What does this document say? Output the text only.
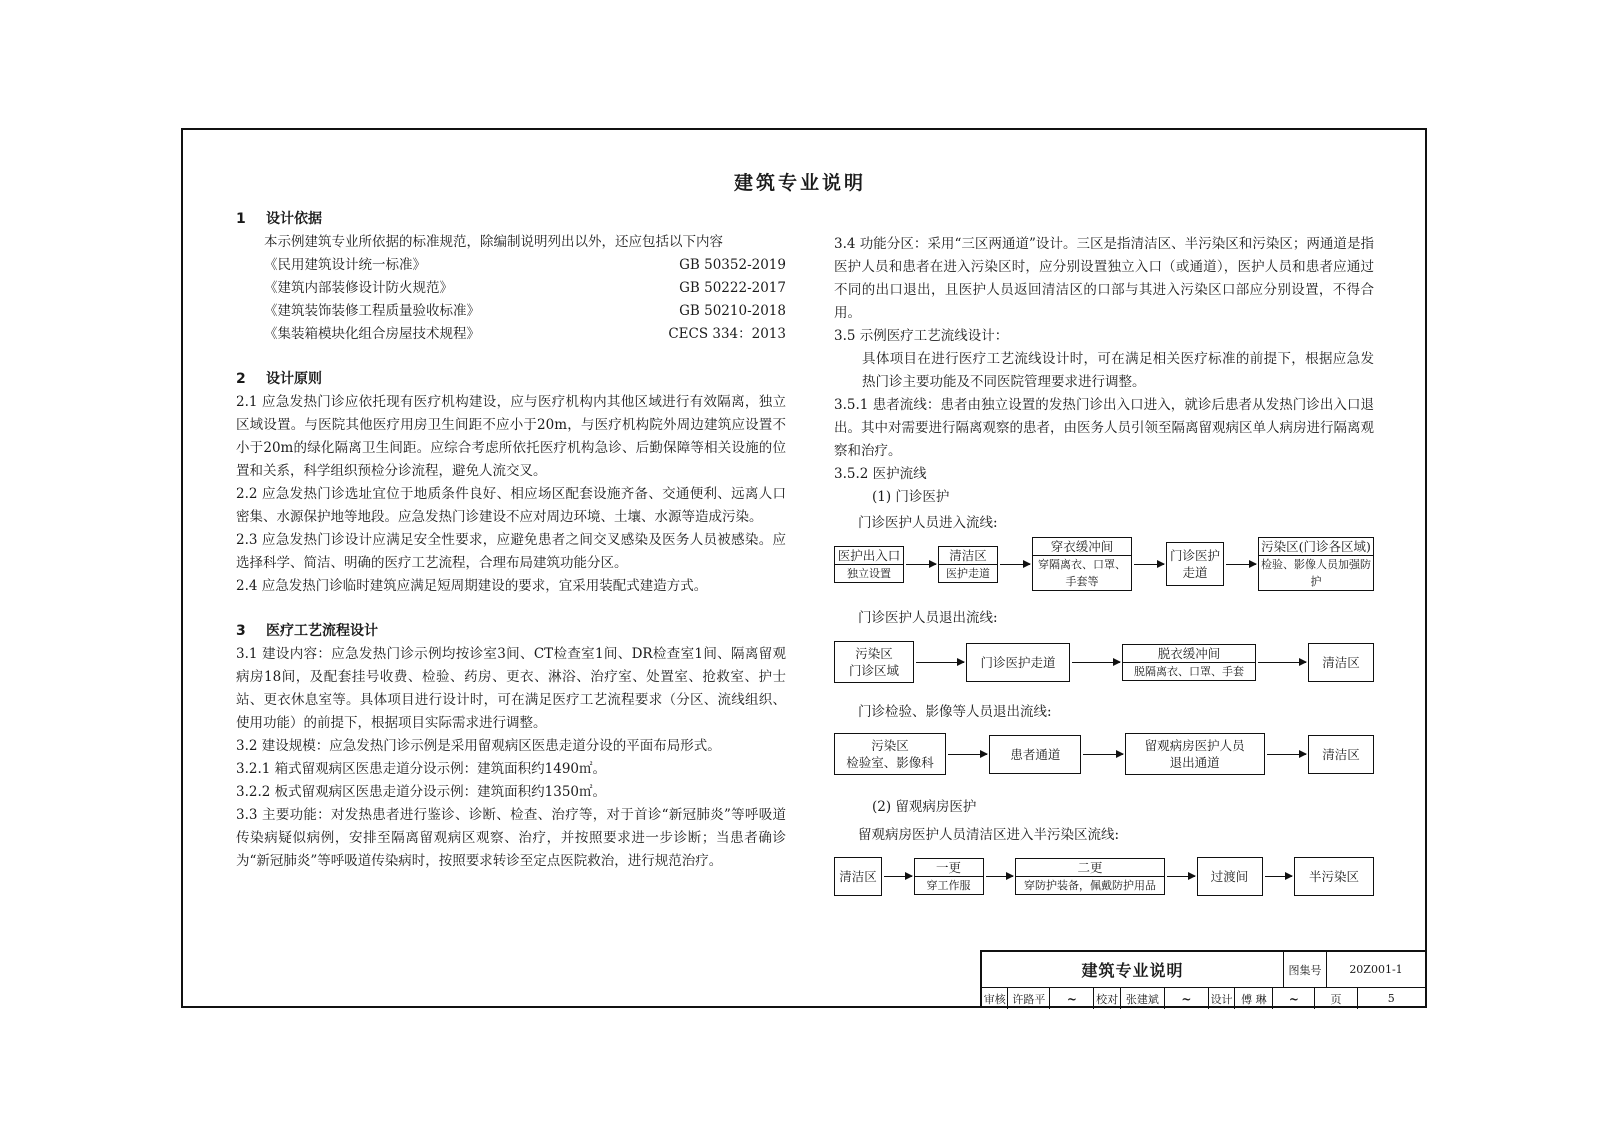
建筑专业说明
1 设计依据
本示例建筑专业所依据的标准规范，除编制说明列出以外，还应包括以下内容
《民用建筑设计统一标准》	GB 50352-2019
《建筑内部装修设计防火规范》	GB 50222-2017
《建筑装饰装修工程质量验收标准》	GB 50210-2018
《集装箱模块化组合房屋技术规程》	CECS 334：2013
2 设计原则
2.1 应急发热门诊应依托现有医疗机构建设，应与医疗机构内其他区域进行有效隔离，独立区域设置。与医院其他医疗用房卫生间距不应小于20m，与医疗机构院外周边建筑应设置不小于20m的绿化隔离卫生间距。应综合考虑所依托医疗机构急诊、后勤保障等相关设施的位置和关系，科学组织预检分诊流程，避免人流交叉。
2.2 应急发热门诊选址宜位于地质条件良好、相应场区配套设施齐备、交通便利、远离人口密集、水源保护地等地段。应急发热门诊建设不应对周边环境、土壤、水源等造成污染。
2.3 应急发热门诊设计应满足安全性要求，应避免患者之间交叉感染及医务人员被感染。应选择科学、简洁、明确的医疗工艺流程，合理布局建筑功能分区。
2.4 应急发热门诊临时建筑应满足短周期建设的要求，宜采用装配式建造方式。
3 医疗工艺流程设计
3.1 建设内容：应急发热门诊示例均按诊室3间、CT检查室1间、DR检查室1间、隔离留观病房18间，及配套挂号收费、检验、药房、更衣、淋浴、治疗室、处置室、抢救室、护士站、更衣休息室等。具体项目进行设计时，可在满足医疗工艺流程要求（分区、流线组织、使用功能）的前提下，根据项目实际需求进行调整。
3.2 建设规模：应急发热门诊示例是采用留观病区医患走道分设的平面布局形式。
3.2.1 箱式留观病区医患走道分设示例：建筑面积约1490㎡。
3.2.2 板式留观病区医患走道分设示例：建筑面积约1350㎡。
3.3 主要功能：对发热患者进行鉴诊、诊断、检查、治疗等，对于首诊“新冠肺炎”等呼吸道传染病疑似病例，安排至隔离留观病区观察、治疗，并按照要求进一步诊断；当患者确诊为“新冠肺炎”等呼吸道传染病时，按照要求转诊至定点医院救治，进行规范治疗。
3.4 功能分区：采用“三区两通道”设计。三区是指清洁区、半污染区和污染区；两通道是指医护人员和患者在进入污染区时，应分别设置独立入口（或通道），医护人员和患者应通过不同的出口退出，且医护人员返回清洁区的口部与其进入污染区口部应分别设置，不得合用。
3.5 示例医疗工艺流线设计：
具体项目在进行医疗工艺流线设计时，可在满足相关医疗标准的前提下，根据应急发热门诊主要功能及不同医院管理要求进行调整。
3.5.1 患者流线：患者由独立设置的发热门诊出入口进入，就诊后患者从发热门诊出入口退出。其中对需要进行隔离观察的患者，由医务人员引领至隔离留观病区单人病房进行隔离观察和治疗。
3.5.2 医护流线
(1) 门诊医护
门诊医护人员进入流线:
医护出入口
独立设置
清洁区
医护走道
穿衣缓冲间
穿隔离衣、口罩、手套等
门诊医护走道
污染区(门诊各区域)
检验、影像人员加强防护
门诊医护人员退出流线:
污染区
门诊区域
门诊医护走道
脱衣缓冲间
脱隔离衣、口罩、手套
清洁区
门诊检验、影像等人员退出流线:
污染区
检验室、影像科
患者通道
留观病房医护人员
退出通道
清洁区
(2) 留观病房医护
留观病房医护人员清洁区进入半污染区流线:
清洁区
一更
穿工作服
二更
穿防护装备，佩戴防护用品
过渡间	半污染区
建筑专业说明	图集号	20Z001-1
审核 许路平	~	校对 张建斌	~	设计 傅 琳	~	页	5
